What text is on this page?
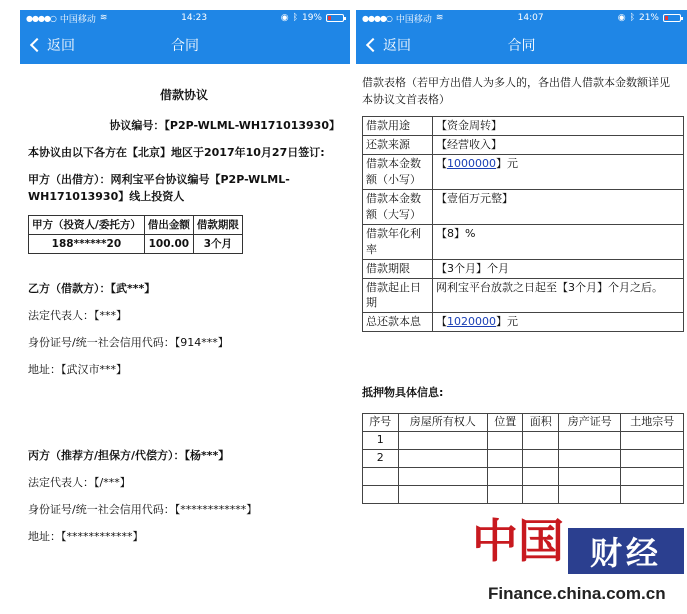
●●●●○ 中国移动 ≋	14:23	◉ ᛒ 19%
返回	合同
借款协议
协议编号：【P2P-WLML-WH171013930】
本协议由以下各方在【北京】地区于2017年10月27日签订:
甲方（出借方）：网利宝平台协议编号【P2P-WLML-WH171013930】线上投资人
甲方（投资人/委托方）	借出金额	借款期限
188******20	100.00	3个月
乙方（借款方）：【武***】
法定代表人：【***】
身份证号/统一社会信用代码：【914***】
地址：【武汉市***】
丙方（推荐方/担保方/代偿方）：【杨***】
法定代表人：【/***】
身份证号/统一社会信用代码：【************】
地址：【************】
●●●●○ 中国移动 ≋	14:07	◉ ᛒ 21%
返回	合同
借款表格（若甲方出借人为多人的，各出借人借款本金数额详见本协议文首表格）
借款用途	【资金周转】
还款来源	【经营收入】
借款本金数额（小写）	【1000000】元
借款本金数额（大写）	【壹佰万元整】
借款年化利率	【8】%
借款期限	【3个月】个月
借款起止日期	网利宝平台放款之日起至【3个月】个月之后。
总还款本息	【1020000】元
抵押物具体信息:
序号	房屋所有权人	位置	面积	房产证号	土地宗号
1					
2					

中国 财经
Finance.china.com.cn
